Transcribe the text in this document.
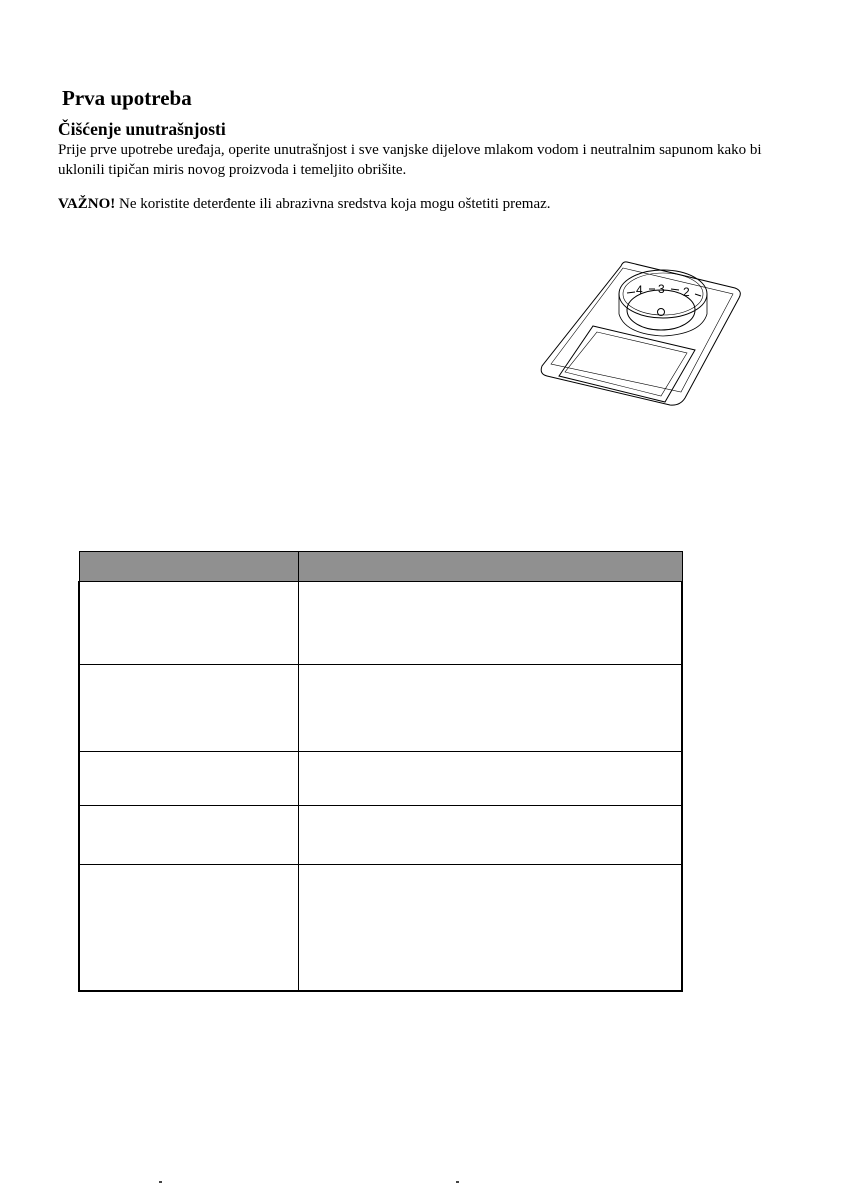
Prva upotreba
Čišćenje unutrašnjosti

Prije prve upotrebe uređaja, operite unutrašnjost i sve vanjske dijelove mlakom vodom i neutralnim sapunom kako bi uklonili tipičan miris novog proizvoda i temeljito obrišite.

VAŽNO! Ne koristite deterđente ili abrazivna sredstva koja mogu oštetiti premaz.

4 3 2
